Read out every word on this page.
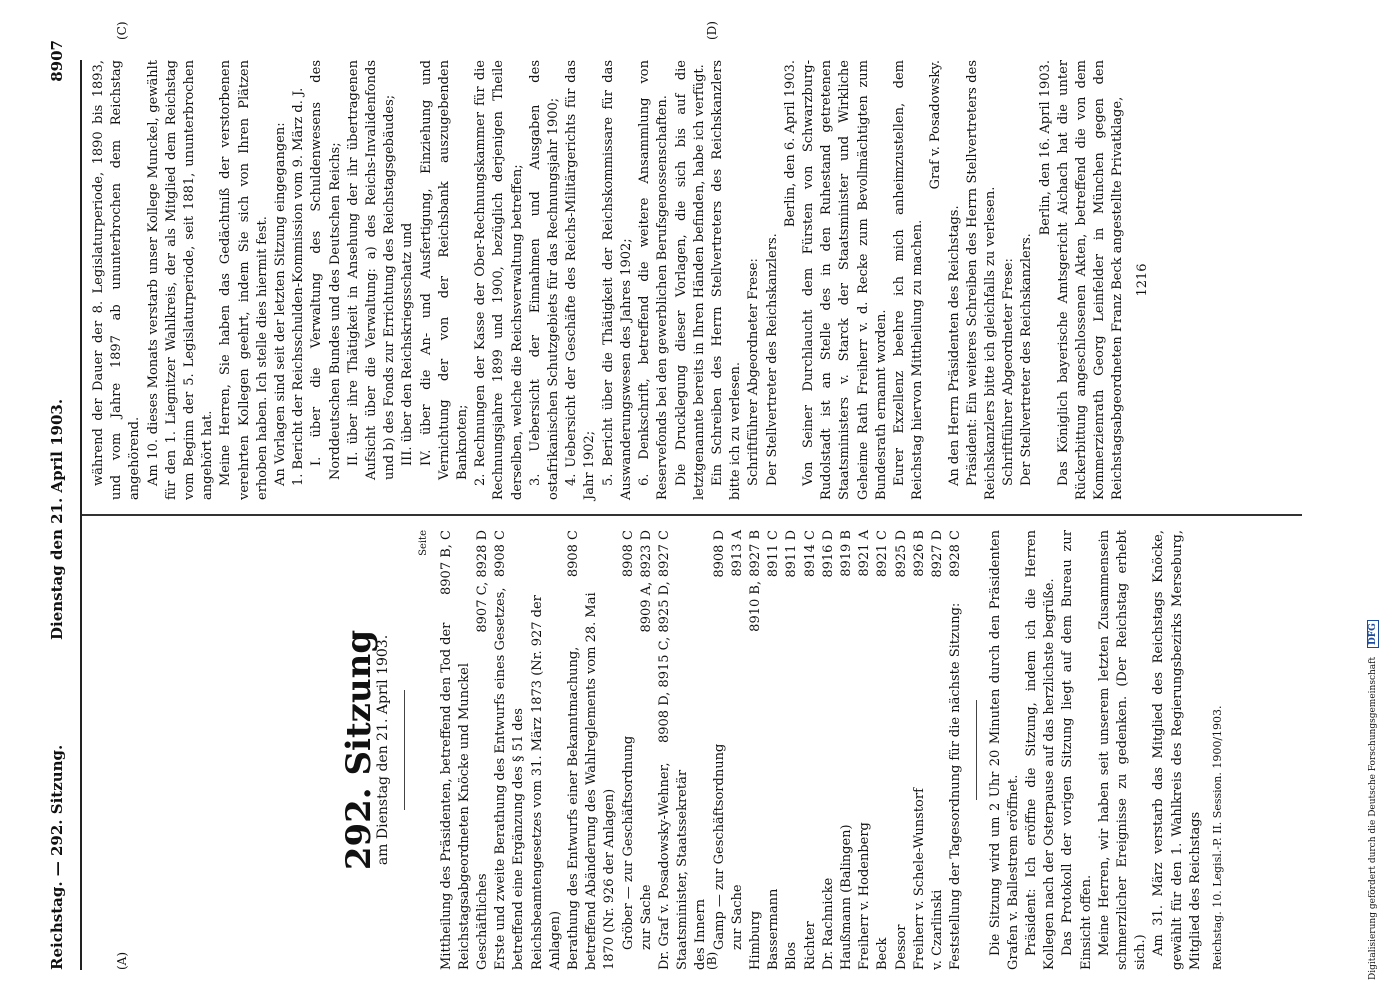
Reichstag. — 292. Sitzung.
Dienstag den 21. April 1903.
8907
(A)	(B)
(C)	(D)
292. Sitzung
am Dienstag den 21. April 1903.
Seite
Mittheilung des Präsidenten, betreffend den Tod der Reichstagsabgeordneten Knöcke und Munckel
8907 B, C
Geschäftliches
8907 C, 8928 D
Erste und zweite Berathung des Entwurfs eines Gesetzes, betreffend eine Ergänzung des § 51 des Reichsbeamtengesetzes vom 31. März 1873 (Nr. 927 der Anlagen)
8908 C
Berathung des Entwurfs einer Bekanntmachung, betreffend Abänderung des Wahlreglements vom 28. Mai 1870 (Nr. 926 der Anlagen)
8908 C
Gröber — zur Geschäftsordnung
8908 C
zur Sache
8909 A, 8923 D
Dr. Graf v. Posadowsky-Wehner, Staatsminister, Staatssekretär des Innern
8908 D, 8915 C, 8925 D, 8927 C
Gamp — zur Geschäftsordnung
8908 D
zur Sache
8913 A
Himburg
8910 B, 8927 B
Bassermann
8911 C
Blos
8911 D
Richter
8914 C
Dr. Rachnicke
8916 D
Haußmann (Balingen)
8919 B
Freiherr v. Hodenberg
8921 A
Beck
8921 C
Dessor
8925 D
Freiherr v. Schele-Wunstorf
8926 B
v. Czarlinski
8927 D
Feststellung der Tagesordnung für die nächste Sitzung:
8928 C Die Sitzung wird um 2 Uhr 20 Minuten durch den Präsidenten Grafen v. Ballestrem eröffnet. Präsident: Ich eröffne die Sitzung, indem ich die Herren Kollegen nach der Osterpause auf das herzlichste begrüße. Das Protokoll der vorigen Sitzung liegt auf dem Bureau zur Einsicht offen. Meine Herren, wir haben seit unserem letzten Zusammensein schmerzlicher Ereignisse zu gedenken. (Der Reichstag erhebt sich.) Am 31. März verstarb das Mitglied des Reichstags Knöcke, gewählt für den 1. Wahlkreis des Regierungsbezirks Merseburg, Mitglied des Reichstags Reichstag. 10. Legisl.-P. II. Session. 1900/1903.

während der Dauer der 8. Legislaturperiode, 1890 bis 1893, und vom Jahre 1897 ab ununterbrochen dem Reichstag angehörend. Am 10. dieses Monats verstarb unser Kollege Munckel, gewählt für den 1. Liegnitzer Wahlkreis, der als Mitglied dem Reichstag vom Beginn der 5. Legislaturperiode, seit 1881, ununterbrochen angehört hat. Meine Herren, Sie haben das Gedächtniß der verstorbenen verehrten Kollegen geehrt, indem Sie sich von Ihren Plätzen erhoben haben. Ich stelle dies hiermit fest. An Vorlagen sind seit der letzten Sitzung eingegangen: 1. Bericht der Reichsschulden-Kommission vom 9. März d. J. I. über die Verwaltung des Schuldenwesens des Norddeutschen Bundes und des Deutschen Reichs; II. über ihre Thätigkeit in Ansehung der ihr übertragenen Aufsicht über die Verwaltung: a) des Reichs-Invalidenfonds und b) des Fonds zur Errichtung des Reichstagsgebäudes; III. über den Reichskriegsschatz und IV. über die An- und Ausfertigung, Einziehung und Vernichtung der von der Reichsbank auszugebenden Banknoten; 2. Rechnungen der Kasse der Ober-Rechnungskammer für die Rechnungsjahre 1899 und 1900, bezüglich derjenigen Theile derselben, welche die Reichsverwaltung betreffen; 3. Uebersicht der Einnahmen und Ausgaben des ostafrikanischen Schutzgebiets für das Rechnungsjahr 1900; 4. Uebersicht der Geschäfte des Reichs-Militärgerichts für das Jahr 1902; 5. Bericht über die Thätigkeit der Reichskommissare für das Auswanderungswesen des Jahres 1902; 6. Denkschrift, betreffend die weitere Ansammlung von Reservefonds bei den gewerblichen Berufsgenossenschaften. Die Drucklegung dieser Vorlagen, die sich bis auf die letztgenannte bereits in Ihren Händen befinden, habe ich verfügt. Ein Schreiben des Herrn Stellvertreters des Reichskanzlers bitte ich zu verlesen. Schriftführer Abgeordneter Frese: Der Stellvertreter des Reichskanzlers.

Berlin, den 6. April 1903. Von Seiner Durchlaucht dem Fürsten von Schwarzburg-Rudolstadt ist an Stelle des in den Ruhestand getretenen Staatsministers v. Starck der Staatsminister und Wirkliche Geheime Rath Freiherr v. d. Recke zum Bevollmächtigten zum Bundesrath ernannt worden. Eurer Exzellenz beehre ich mich anheimzustellen, dem Reichstag hiervon Mittheilung zu machen.

Graf v. Posadowsky.

An den Herrn Präsidenten des Reichstags. Präsident: Ein weiteres Schreiben des Herrn Stellvertreters des Reichskanzlers bitte ich gleichfalls zu verlesen. Schriftführer Abgeordneter Frese: Der Stellvertreter des Reichskanzlers.

Berlin, den 16. April 1903. Das Königlich bayerische Amtsgericht Aichach hat die unter Rückerbittung angeschlossenen Akten, betreffend die von dem Kommerzienrath Georg Leinfelder in München gegen den Reichstagsabgeordneten Franz Beck angestellte Privatklage, 1216
Digitalisierung gefördert durch die Deutsche Forschungsgemeinschaft DFG
